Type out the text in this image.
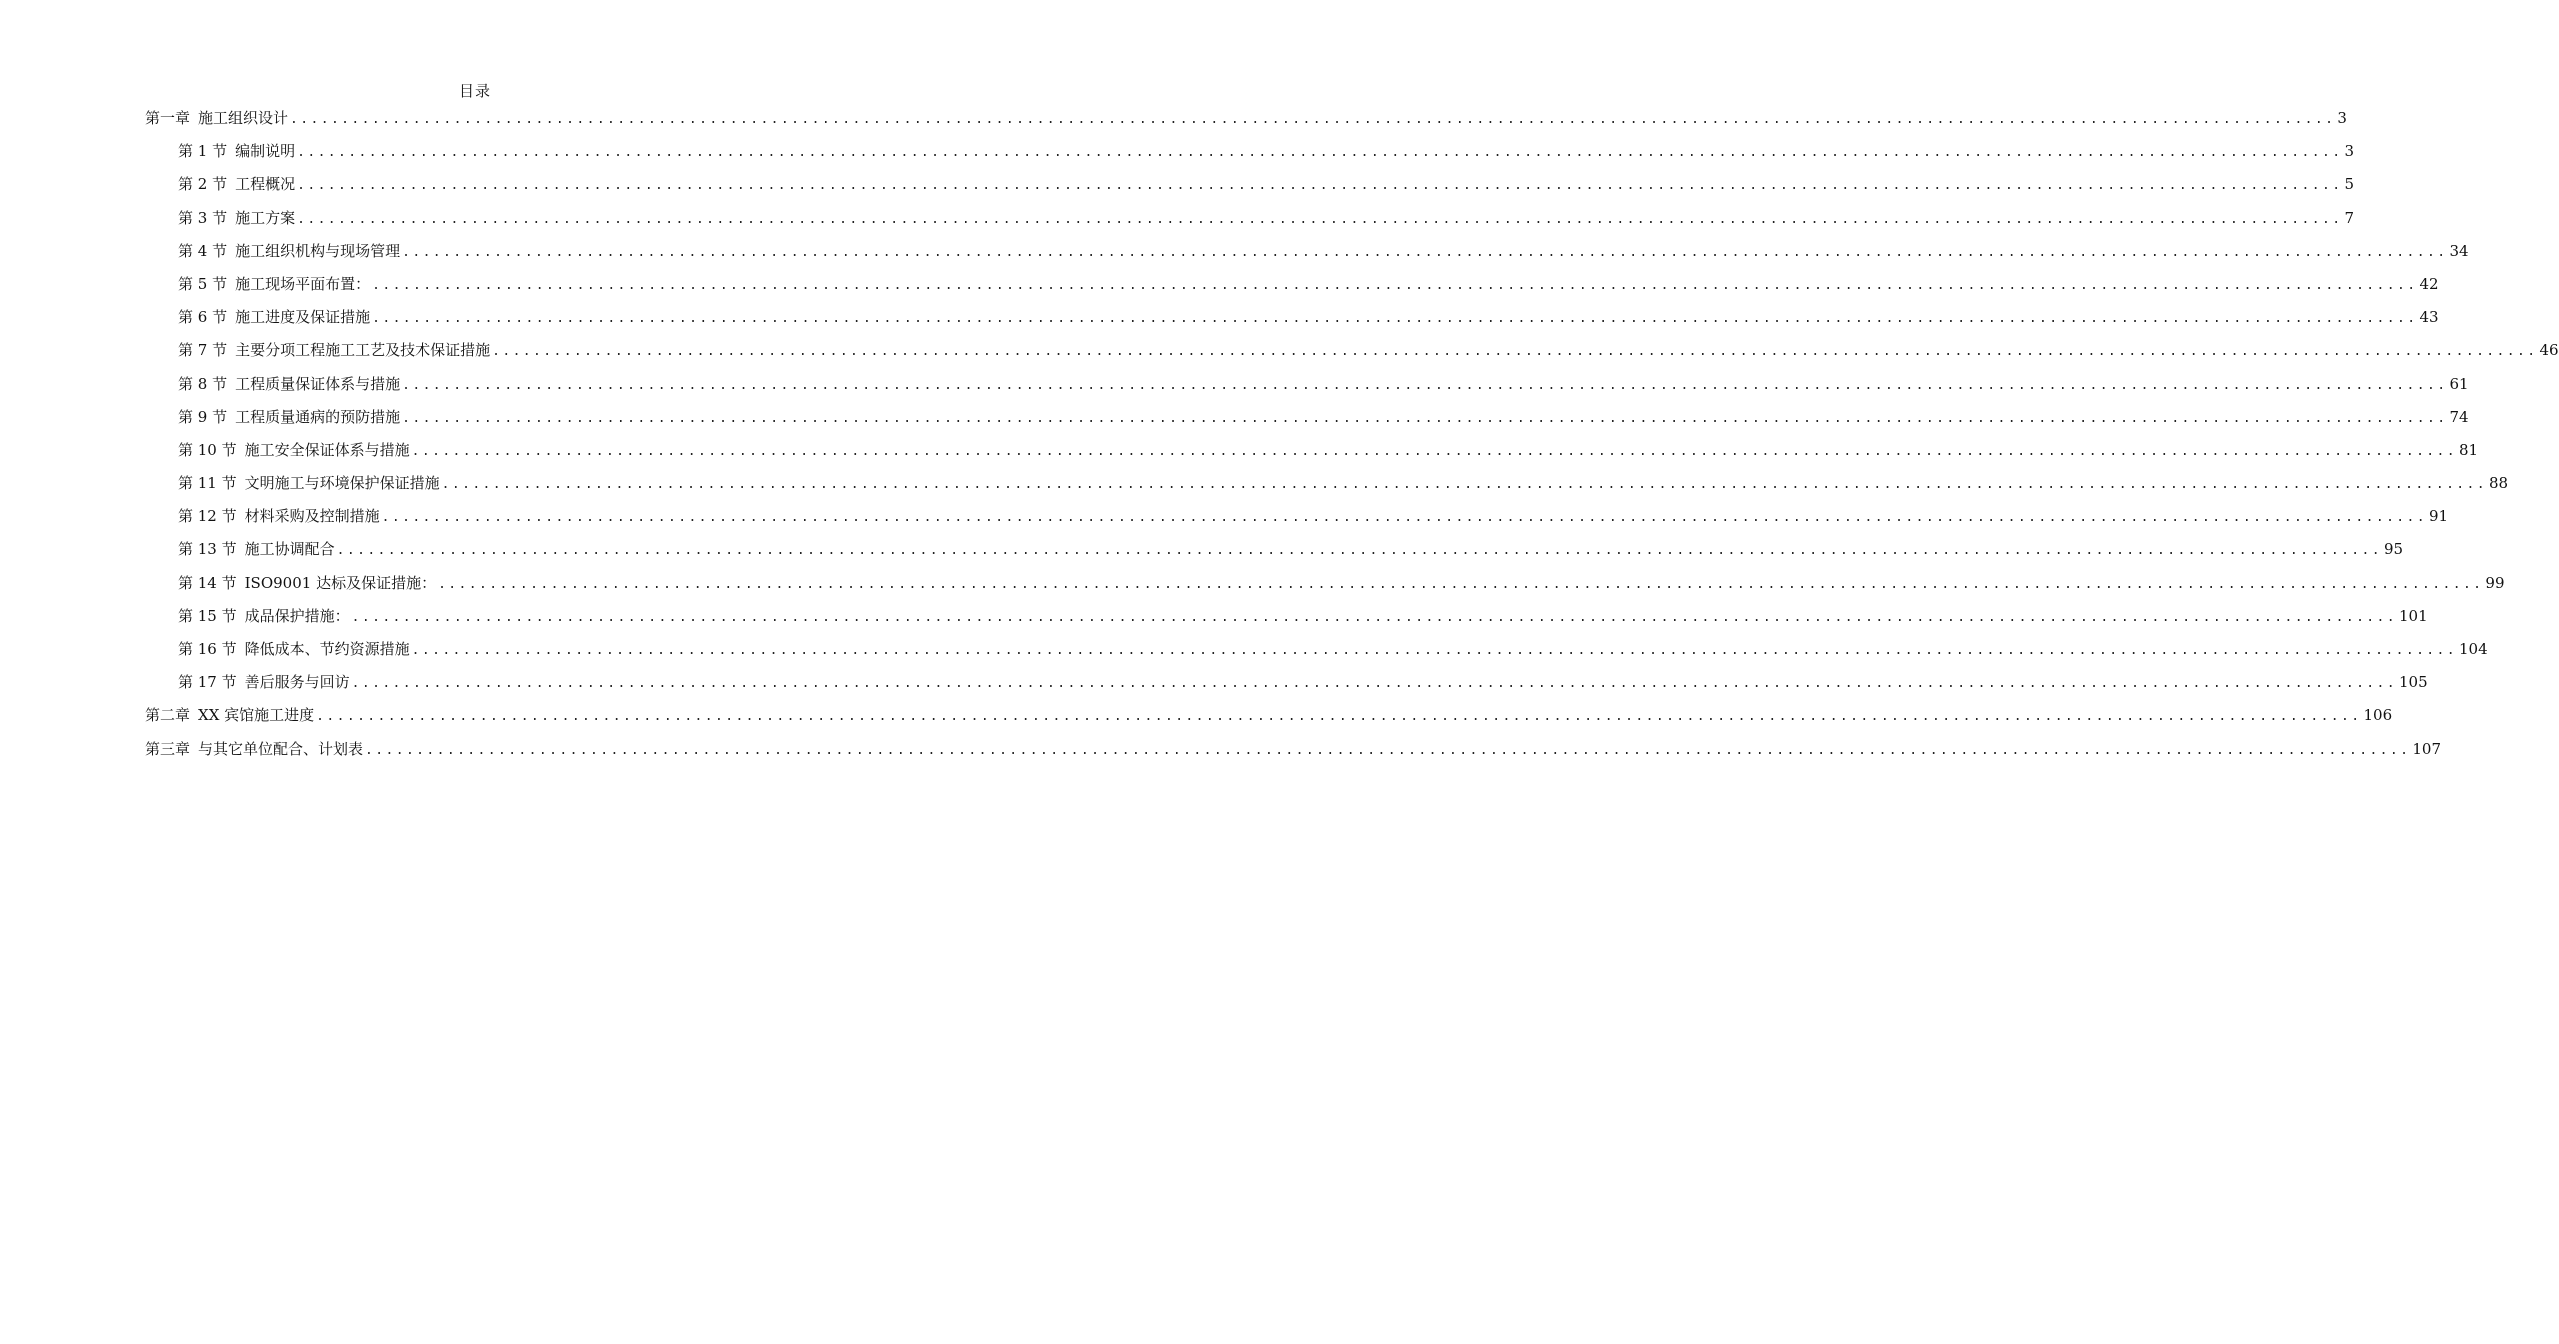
目录
第一章 施工组织设计 ........................................................................................................................................................................................................ 3
第 1 节 编制说明 ........................................................................................................................................................................................................ 3
第 2 节 工程概况 ........................................................................................................................................................................................................ 5
第 3 节 施工方案 ........................................................................................................................................................................................................ 7
第 4 节 施工组织机构与现场管理 ........................................................................................................................................................................................................ 34
第 5 节 施工现场平面布置： ........................................................................................................................................................................................................ 42
第 6 节 施工进度及保证措施 ........................................................................................................................................................................................................ 43
第 7 节 主要分项工程施工工艺及技术保证措施 ........................................................................................................................................................................................................ 46
第 8 节 工程质量保证体系与措施 ........................................................................................................................................................................................................ 61
第 9 节 工程质量通病的预防措施 ........................................................................................................................................................................................................ 74
第 10 节 施工安全保证体系与措施 ........................................................................................................................................................................................................ 81
第 11 节 文明施工与环境保护保证措施 ........................................................................................................................................................................................................ 88
第 12 节 材料采购及控制措施 ........................................................................................................................................................................................................ 91
第 13 节 施工协调配合 ........................................................................................................................................................................................................ 95
第 14 节 ISO9001 达标及保证措施： ........................................................................................................................................................................................................ 99
第 15 节 成品保护措施： ........................................................................................................................................................................................................ 101
第 16 节 降低成本、节约资源措施 ........................................................................................................................................................................................................ 104
第 17 节 善后服务与回访 ........................................................................................................................................................................................................ 105
第二章 XX 宾馆施工进度 ........................................................................................................................................................................................................ 106
第三章 与其它单位配合、计划表 ........................................................................................................................................................................................................ 107
